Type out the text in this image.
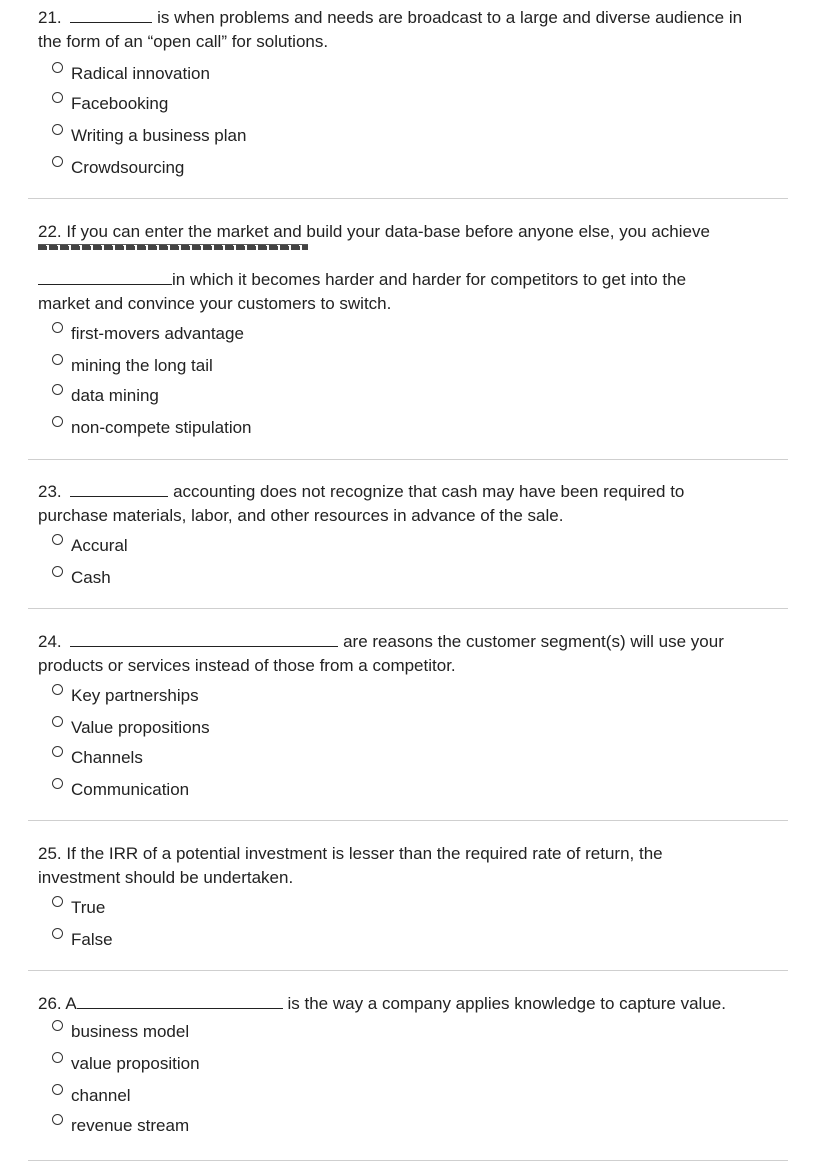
21.	is when problems and needs are broadcast to a large and diverse audience in
the form of an “open call” for solutions.
Radical innovation
Facebooking
Writing a business plan
Crowdsourcing
22. If you can enter the market and build your data-base before anyone else, you achieve
in which it becomes harder and harder for competitors to get into the
market and convince your customers to switch.
first-movers advantage
mining the long tail
data mining
non-compete stipulation
23.	accounting does not recognize that cash may have been required to
purchase materials, labor, and other resources in advance of the sale.
Accural
Cash
24.	are reasons the customer segment(s) will use your
products or services instead of those from a competitor.
Key partnerships
Value propositions
Channels
Communication
25. If the IRR of a potential investment is lesser than the required rate of return, the
investment should be undertaken.
True
False
26. A	is the way a company applies knowledge to capture value.
business model
value proposition
channel
revenue stream
